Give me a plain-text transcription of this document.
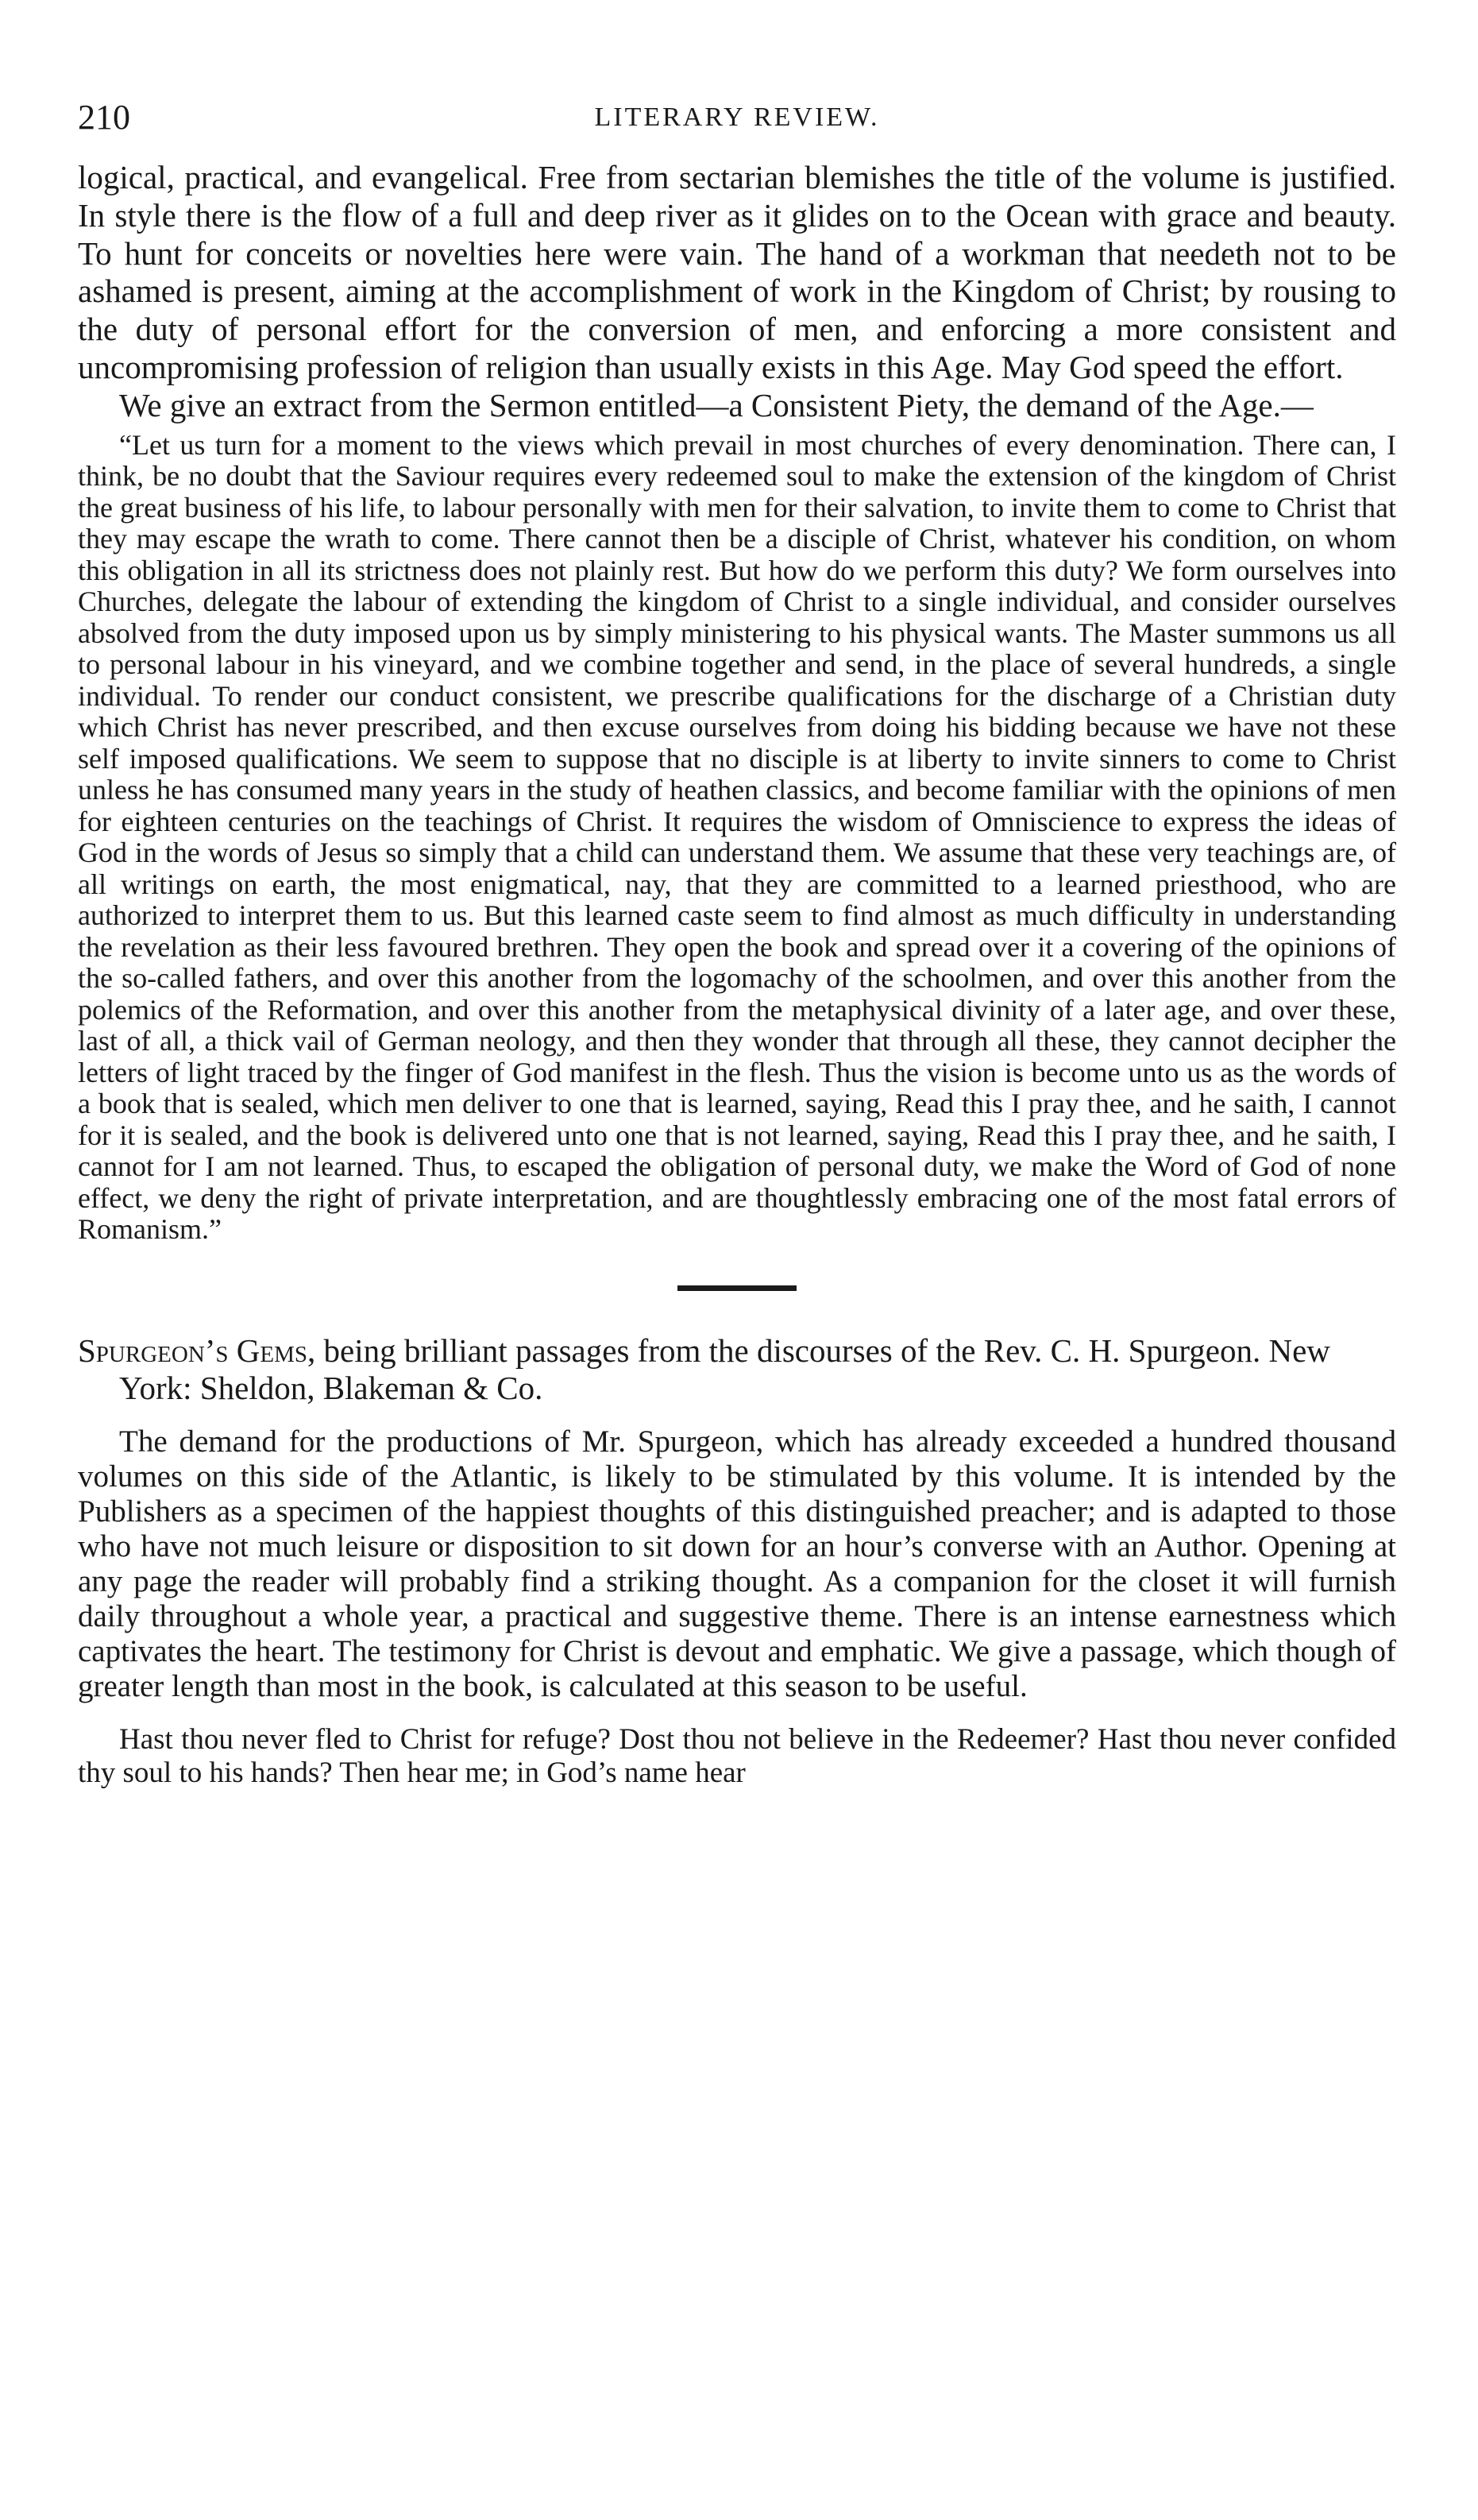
210	LITERARY REVIEW.

logical, practical, and evangelical. Free from sectarian blemishes the title of the volume is justified. In style there is the flow of a full and deep river as it glides on to the Ocean with grace and beauty. To hunt for conceits or novelties here were vain. The hand of a workman that needeth not to be ashamed is present, aiming at the accomplishment of work in the Kingdom of Christ; by rousing to the duty of personal effort for the conversion of men, and enforcing a more consistent and uncompromising profession of religion than usually exists in this Age. May God speed the effort.

We give an extract from the Sermon entitled—a Consistent Piety, the demand of the Age.—

“Let us turn for a moment to the views which prevail in most churches of every denomination. There can, I think, be no doubt that the Saviour requires every redeemed soul to make the extension of the kingdom of Christ the great business of his life, to labour personally with men for their salvation, to invite them to come to Christ that they may escape the wrath to come. There cannot then be a disciple of Christ, whatever his condition, on whom this obligation in all its strictness does not plainly rest. But how do we perform this duty? We form ourselves into Churches, delegate the labour of extending the kingdom of Christ to a single individual, and consider ourselves absolved from the duty imposed upon us by simply ministering to his physical wants. The Master summons us all to personal labour in his vineyard, and we combine together and send, in the place of several hundreds, a single individual. To render our conduct consistent, we prescribe qualifications for the discharge of a Christian duty which Christ has never prescribed, and then excuse ourselves from doing his bidding because we have not these self imposed qualifications. We seem to suppose that no disciple is at liberty to invite sinners to come to Christ unless he has consumed many years in the study of heathen classics, and become familiar with the opinions of men for eighteen centuries on the teachings of Christ. It requires the wisdom of Omniscience to express the ideas of God in the words of Jesus so simply that a child can understand them. We assume that these very teachings are, of all writings on earth, the most enigmatical, nay, that they are committed to a learned priesthood, who are authorized to interpret them to us. But this learned caste seem to find almost as much difficulty in understanding the revelation as their less favoured brethren. They open the book and spread over it a covering of the opinions of the so-called fathers, and over this another from the logomachy of the schoolmen, and over this another from the polemics of the Reformation, and over this another from the metaphysical divinity of a later age, and over these, last of all, a thick vail of German neology, and then they wonder that through all these, they cannot decipher the letters of light traced by the finger of God manifest in the flesh. Thus the vision is become unto us as the words of a book that is sealed, which men deliver to one that is learned, saying, Read this I pray thee, and he saith, I cannot for it is sealed, and the book is delivered unto one that is not learned, saying, Read this I pray thee, and he saith, I cannot for I am not learned. Thus, to escaped the obligation of personal duty, we make the Word of God of none effect, we deny the right of private interpretation, and are thoughtlessly embracing one of the most fatal errors of Romanism.”

Spurgeon’s Gems, being brilliant passages from the discourses of the Rev. C. H. Spurgeon. New York: Sheldon, Blakeman & Co.

The demand for the productions of Mr. Spurgeon, which has already exceeded a hundred thousand volumes on this side of the Atlantic, is likely to be stimulated by this volume. It is intended by the Publishers as a specimen of the happiest thoughts of this distinguished preacher; and is adapted to those who have not much leisure or disposition to sit down for an hour’s converse with an Author. Opening at any page the reader will probably find a striking thought. As a companion for the closet it will furnish daily throughout a whole year, a practical and suggestive theme. There is an intense earnestness which captivates the heart. The testimony for Christ is devout and emphatic. We give a passage, which though of greater length than most in the book, is calculated at this season to be useful.

Hast thou never fled to Christ for refuge? Dost thou not believe in the Redeemer? Hast thou never confided thy soul to his hands? Then hear me; in God’s name hear
